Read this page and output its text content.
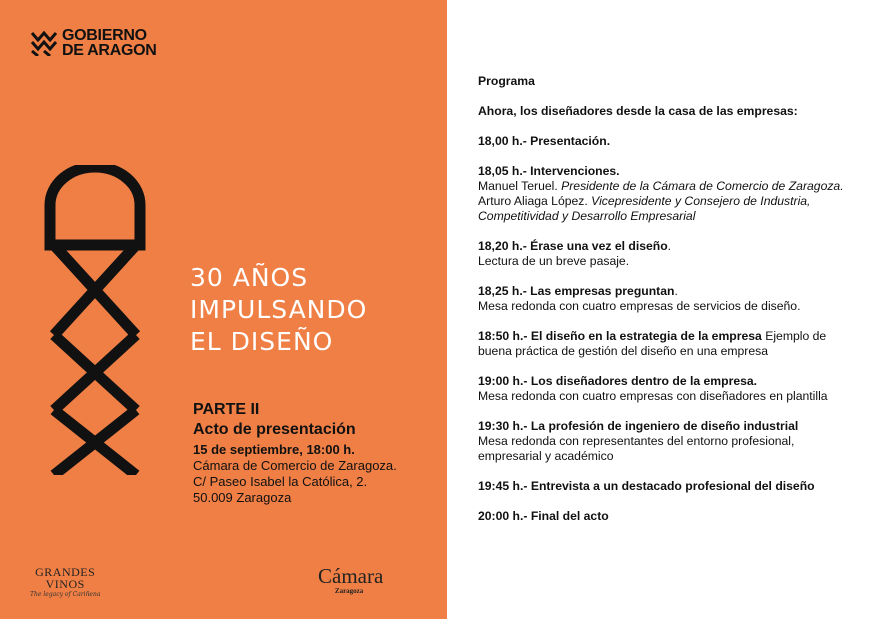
GOBIERNO
DE ARAGON
30 AÑOS
IMPULSANDO
EL DISEÑO
PARTE II
Acto de presentación
15 de septiembre, 18:00 h.
Cámara de Comercio de Zaragoza.
C/ Paseo Isabel la Católica, 2.
50.009 Zaragoza
GRANDES
VINOS
The legacy of Cariñena
Cámara
Zaragoza

Programa

Ahora, los diseñadores desde la casa de las empresas:

18,00 h.- Presentación.

18,05 h.- Intervenciones.

Manuel Teruel. Presidente de la Cámara de Comercio de Zaragoza.

Arturo Aliaga López. Vicepresidente y Consejero de Industria,

Competitividad y Desarrollo Empresarial

18,20 h.- Érase una vez el diseño.

Lectura de un breve pasaje.

18,25 h.- Las empresas preguntan.

Mesa redonda con cuatro empresas de servicios de diseño.

18:50 h.- El diseño en la estrategia de la empresa Ejemplo de

buena práctica de gestión del diseño en una empresa

19:00 h.- Los diseñadores dentro de la empresa.

Mesa redonda con cuatro empresas con diseñadores en plantilla

19:30 h.- La profesión de ingeniero de diseño industrial

Mesa redonda con representantes del entorno profesional,

empresarial y académico

19:45 h.- Entrevista a un destacado profesional del diseño

20:00 h.- Final del acto
